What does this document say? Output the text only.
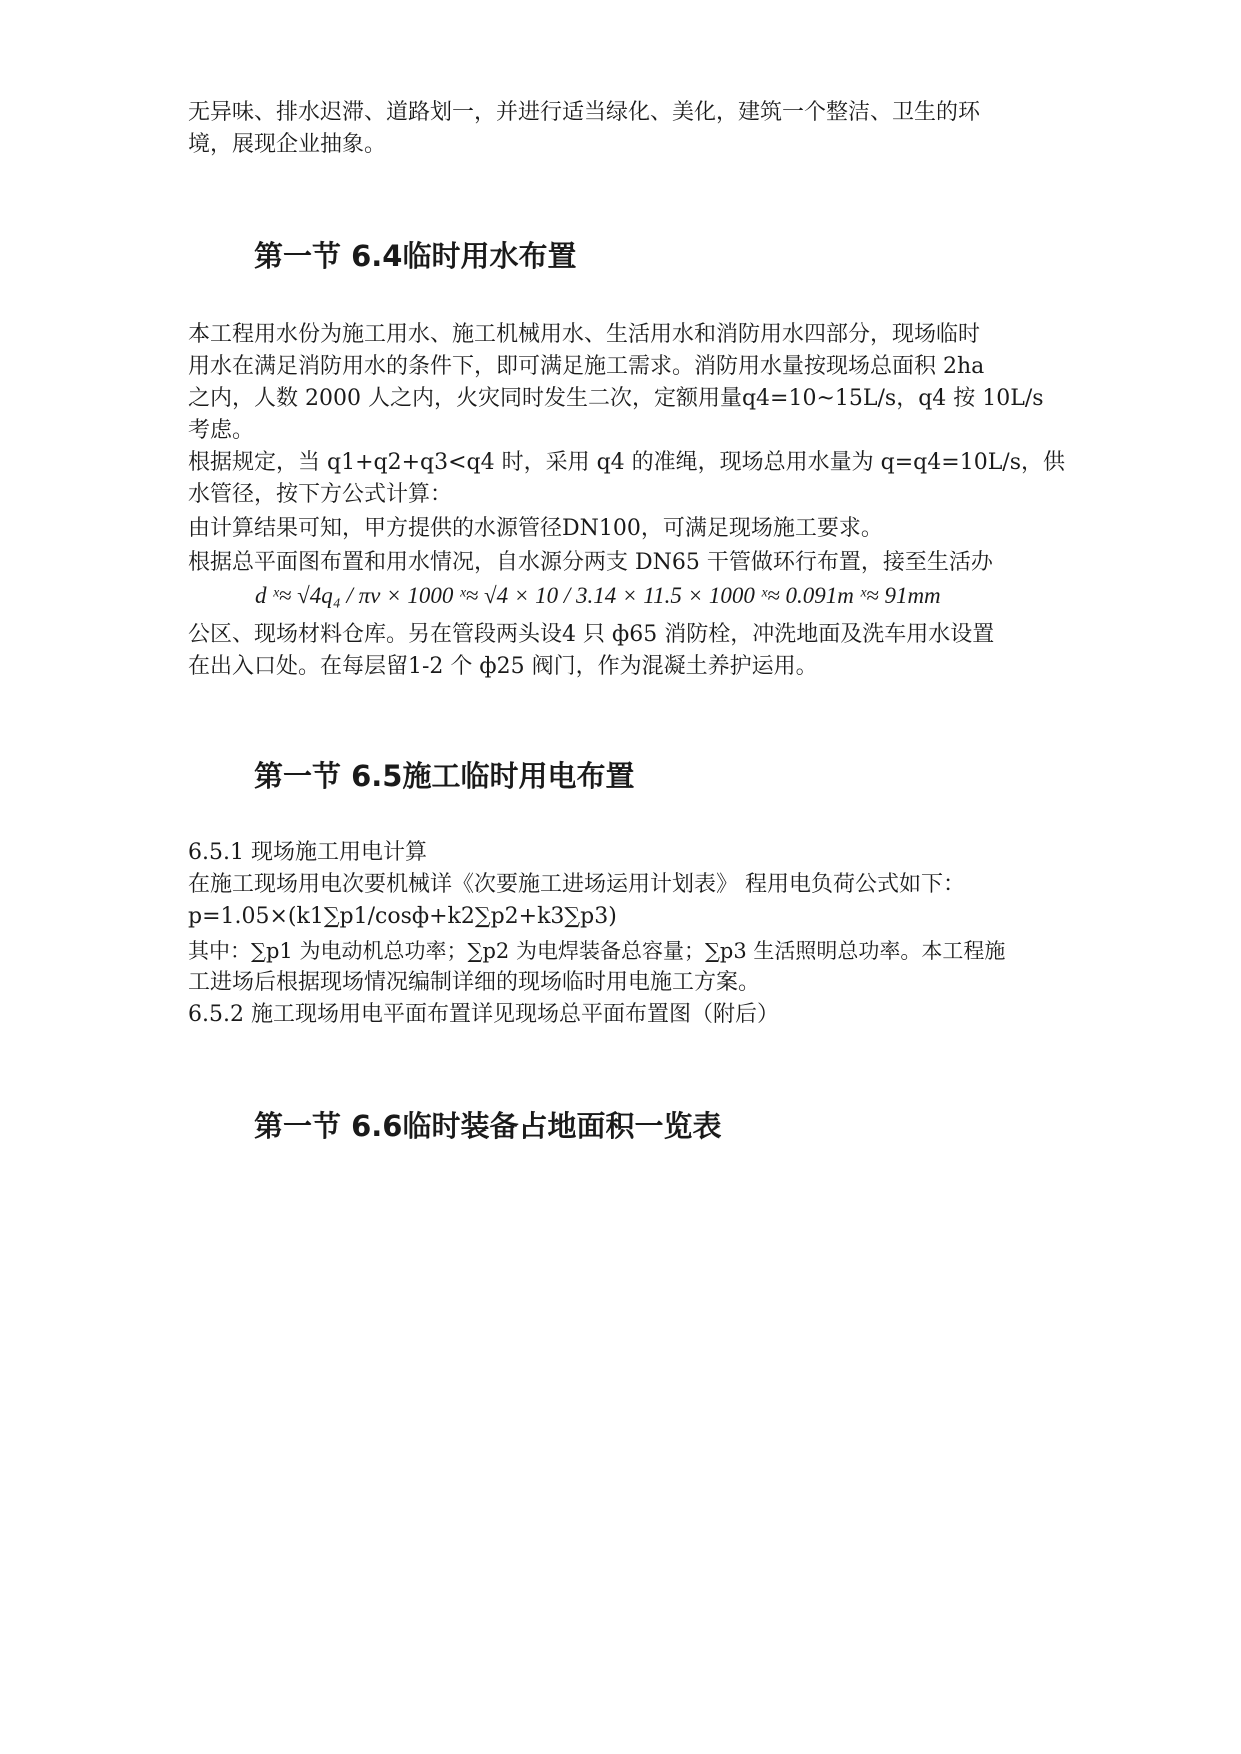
无异味、排水迟滞、道路划一，并进行适当绿化、美化，建筑一个整洁、卫生的环
境，展现企业抽象。
第一节 6.4临时用水布置
本工程用水份为施工用水、施工机械用水、生活用水和消防用水四部分，现场临时
用水在满足消防用水的条件下，即可满足施工需求。消防用水量按现场总面积 2ha
之内，人数 2000 人之内，火灾同时发生二次，定额用量q4=10~15L/s，q4 按 10L/s
考虑。
根据规定，当 q1+q2+q3<q4 时，采用 q4 的准绳，现场总用水量为 q=q4=10L/s，供
水管径，按下方公式计算：
由计算结果可知，甲方提供的水源管径DN100，可满足现场施工要求。
根据总平面图布置和用水情况，自水源分两支 DN65 干管做环行布置，接至生活办
d ˣ≈ √4q₄ / πv × 1000 ˣ≈ √4 × 10 / 3.14 × 11.5 × 1000 ˣ≈ 0.091m ˣ≈ 91mm
公区、现场材料仓库。另在管段两头设4 只 ф65 消防栓，冲洗地面及洗车用水设置
在出入口处。在每层留1-2 个 ф25 阀门，作为混凝土养护运用。
第一节 6.5施工临时用电布置
6.5.1 现场施工用电计算
在施工现场用电次要机械详《次要施工进场运用计划表》 程用电负荷公式如下：
p=1.05×(k1∑p1/cosф+k2∑p2+k3∑p3)
其中：∑p1 为电动机总功率；∑p2 为电焊装备总容量；∑p3 生活照明总功率。本工程施
工进场后根据现场情况编制详细的现场临时用电施工方案。
6.5.2 施工现场用电平面布置详见现场总平面布置图（附后）
第一节 6.6临时装备占地面积一览表
